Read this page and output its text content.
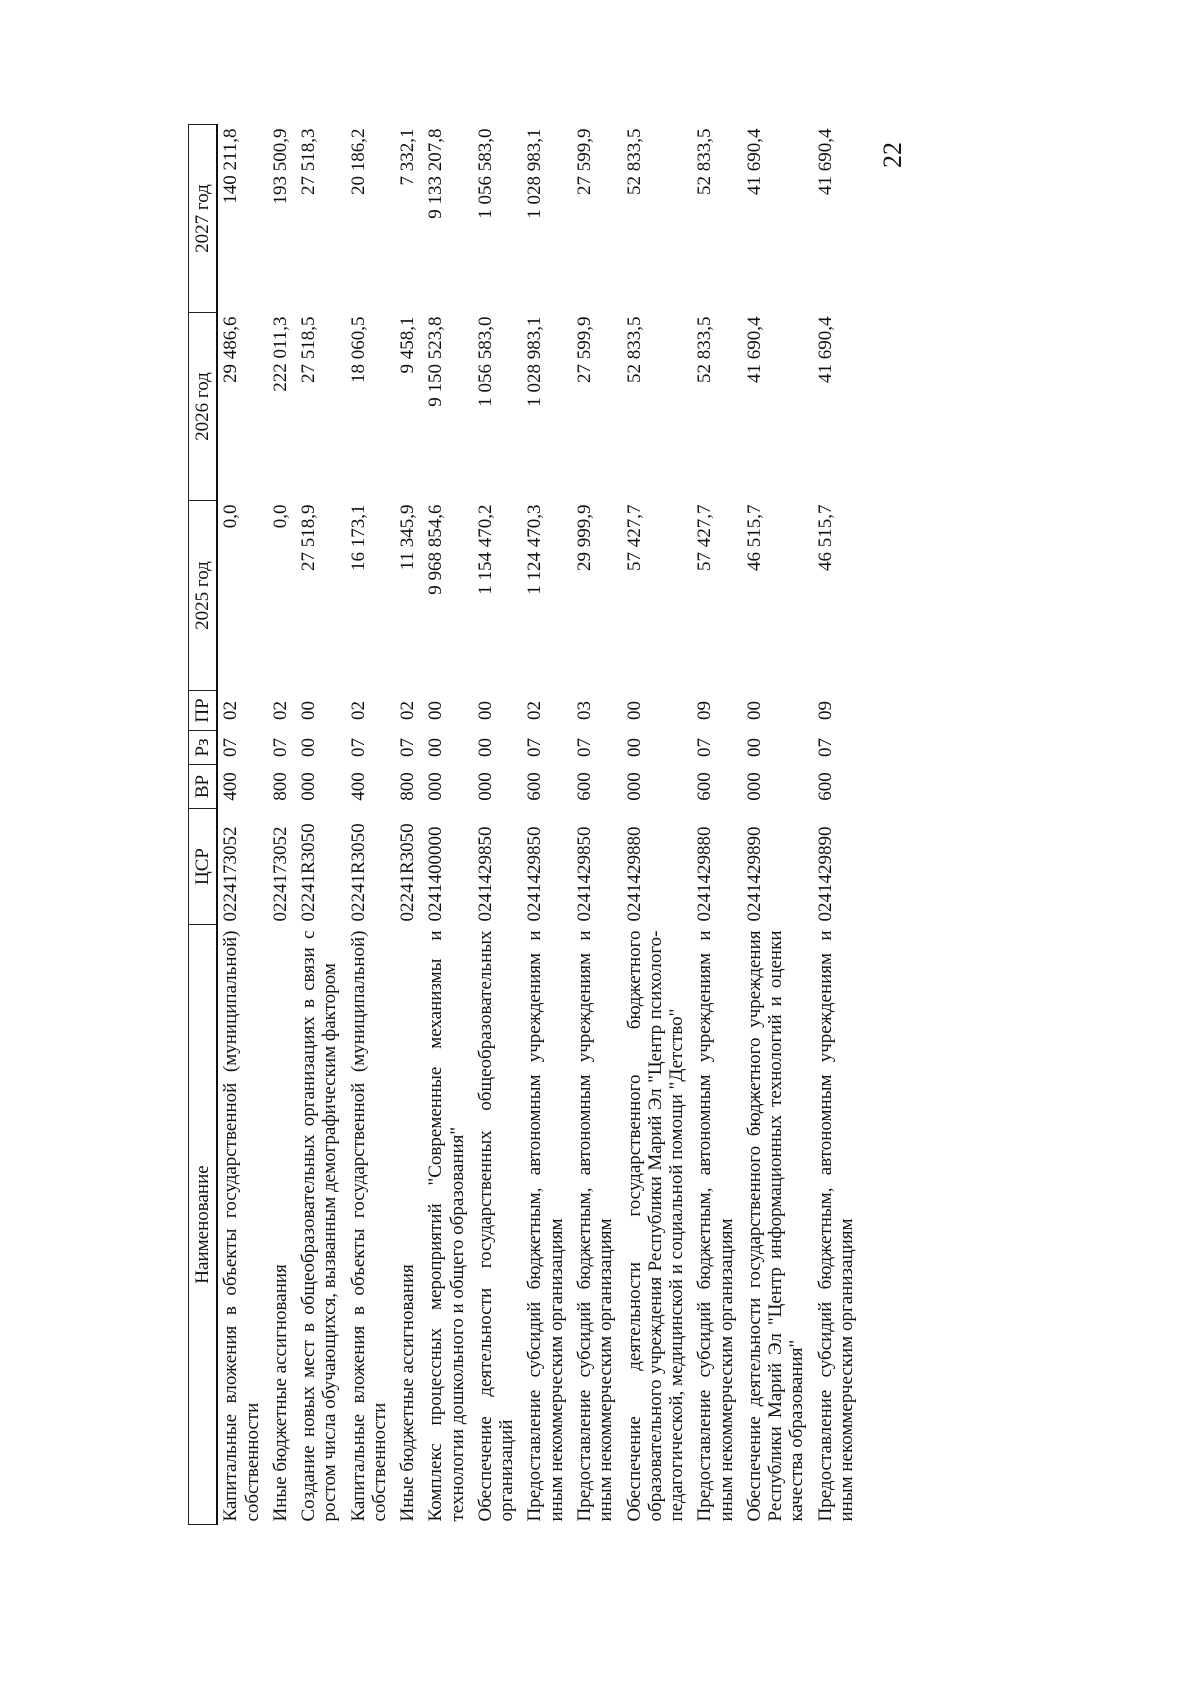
22
Наименование	ЦСР	ВР	Рз	ПР	2025 год	2026 год	2027 год
Капитальные вложения в объекты государственной (муниципальной) собственности	0224173052	400	07	02	0,0	29 486,6	140 211,8
Иные бюджетные ассигнования	0224173052	800	07	02	0,0	222 011,3	193 500,9
Создание новых мест в общеобразовательных организациях в связи с ростом числа обучающихся, вызванным демографическим фактором	02241R3050	000	00	00	27 518,9	27 518,5	27 518,3
Капитальные вложения в объекты государственной (муниципальной) собственности	02241R3050	400	07	02	16 173,1	18 060,5	20 186,2
Иные бюджетные ассигнования	02241R3050	800	07	02	11 345,9	9 458,1	7 332,1
Комплекс процессных мероприятий "Современные механизмы и технологии дошкольного и общего образования"	0241400000	000	00	00	9 968 854,6	9 150 523,8	9 133 207,8
Обеспечение деятельности государственных общеобразовательных организаций	0241429850	000	00	00	1 154 470,2	1 056 583,0	1 056 583,0
Предоставление субсидий бюджетным, автономным учреждениям и иным некоммерческим организациям	0241429850	600	07	02	1 124 470,3	1 028 983,1	1 028 983,1
Предоставление субсидий бюджетным, автономным учреждениям и иным некоммерческим организациям	0241429850	600	07	03	29 999,9	27 599,9	27 599,9
Обеспечение деятельности государственного бюджетного образовательного учреждения Республики Марий Эл "Центр психолого-педагогической, медицинской и социальной помощи "Детство"	0241429880	000	00	00	57 427,7	52 833,5	52 833,5
Предоставление субсидий бюджетным, автономным учреждениям и иным некоммерческим организациям	0241429880	600	07	09	57 427,7	52 833,5	52 833,5
Обеспечение деятельности государственного бюджетного учреждения Республики Марий Эл "Центр информационных технологий и оценки качества образования"	0241429890	000	00	00	46 515,7	41 690,4	41 690,4
Предоставление субсидий бюджетным, автономным учреждениям и иным некоммерческим организациям	0241429890	600	07	09	46 515,7	41 690,4	41 690,4
